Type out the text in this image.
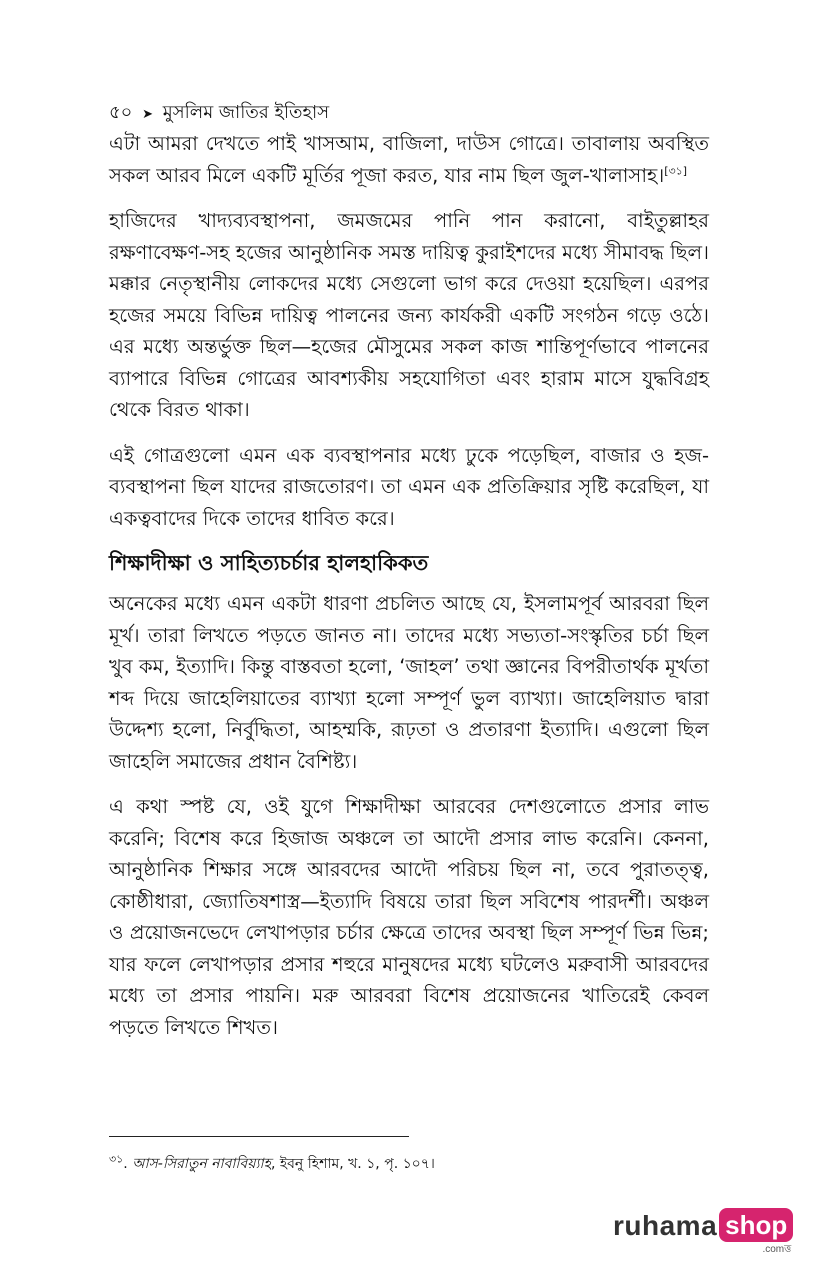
৫০ ➤ মুসলিম জাতির ইতিহাস

এটা আমরা দেখতে পাই খাসআম, বাজিলা, দাউস গোত্রে। তাবালায় অবস্থিত সকল আরব মিলে একটি মূর্তির পূজা করত, যার নাম ছিল জুল-খালাসাহ।[৩১]

হাজিদের খাদ্যব্যবস্থাপনা, জমজমের পানি পান করানো, বাইতুল্লাহর রক্ষণাবেক্ষণ-সহ হজের আনুষ্ঠানিক সমস্ত দায়িত্ব কুরাইশদের মধ্যে সীমাবদ্ধ ছিল। মক্কার নেতৃস্থানীয় লোকদের মধ্যে সেগুলো ভাগ করে দেওয়া হয়েছিল। এরপর হজের সময়ে বিভিন্ন দায়িত্ব পালনের জন্য কার্যকরী একটি সংগঠন গড়ে ওঠে। এর মধ্যে অন্তর্ভুক্ত ছিল—হজের মৌসুমের সকল কাজ শান্তিপূর্ণভাবে পালনের ব্যাপারে বিভিন্ন গোত্রের আবশ্যকীয় সহযোগিতা এবং হারাম মাসে যুদ্ধবিগ্রহ থেকে বিরত থাকা।

এই গোত্রগুলো এমন এক ব্যবস্থাপনার মধ্যে ঢুকে পড়েছিল, বাজার ও হজ-ব্যবস্থাপনা ছিল যাদের রাজতোরণ। তা এমন এক প্রতিক্রিয়ার সৃষ্টি করেছিল, যা একত্ববাদের দিকে তাদের ধাবিত করে।

শিক্ষাদীক্ষা ও সাহিত্যচর্চার হালহাকিকত

অনেকের মধ্যে এমন একটা ধারণা প্রচলিত আছে যে, ইসলামপূর্ব আরবরা ছিল মূর্খ। তারা লিখতে পড়তে জানত না। তাদের মধ্যে সভ্যতা-সংস্কৃতির চর্চা ছিল খুব কম, ইত্যাদি। কিন্তু বাস্তবতা হলো, ‘জাহল’ তথা জ্ঞানের বিপরীতার্থক মূর্খতা শব্দ দিয়ে জাহেলিয়াতের ব্যাখ্যা হলো সম্পূর্ণ ভুল ব্যাখ্যা। জাহেলিয়াত দ্বারা উদ্দেশ্য হলো, নির্বুদ্ধিতা, আহম্মকি, রূঢ়তা ও প্রতারণা ইত্যাদি। এগুলো ছিল জাহেলি সমাজের প্রধান বৈশিষ্ট্য।

এ কথা স্পষ্ট যে, ওই যুগে শিক্ষাদীক্ষা আরবের দেশগুলোতে প্রসার লাভ করেনি; বিশেষ করে হিজাজ অঞ্চলে তা আদৌ প্রসার লাভ করেনি। কেননা, আনুষ্ঠানিক শিক্ষার সঙ্গে আরবদের আদৌ পরিচয় ছিল না, তবে পুরাতত্ত্ব, কোষ্ঠীধারা, জ্যোতিষশাস্ত্র—ইত্যাদি বিষয়ে তারা ছিল সবিশেষ পারদর্শী। অঞ্চল ও প্রয়োজনভেদে লেখাপড়ার চর্চার ক্ষেত্রে তাদের অবস্থা ছিল সম্পূর্ণ ভিন্ন ভিন্ন; যার ফলে লেখাপড়ার প্রসার শহুরে মানুষদের মধ্যে ঘটলেও মরুবাসী আরবদের মধ্যে তা প্রসার পায়নি। মরু আরবরা বিশেষ প্রয়োজনের খাতিরেই কেবল পড়তে লিখতে শিখত।

$^{৩১}$. আস-সিরাতুন নাবাবিয়্যাহ, ইবনু হিশাম, খ. ১, পৃ. ১০৭।
ruhama shop
.comত্ত
